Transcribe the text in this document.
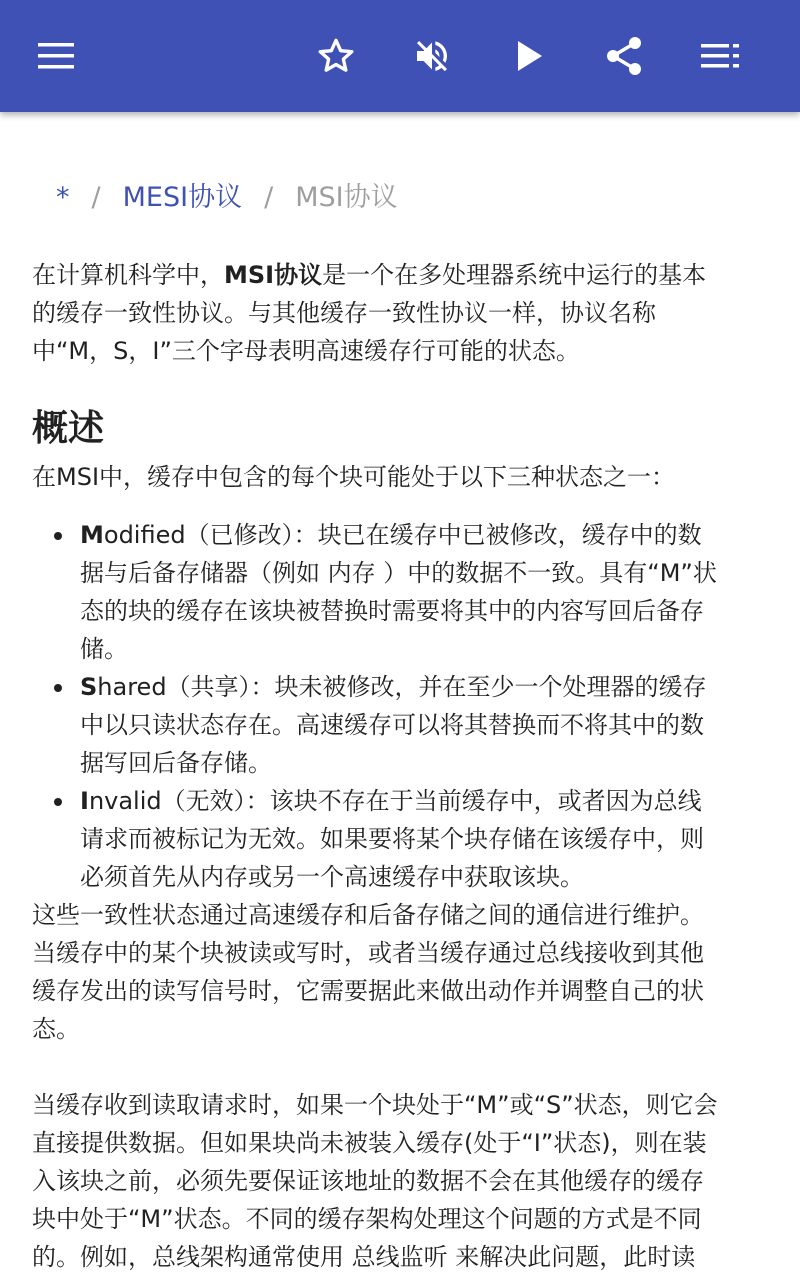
* / MESI协议 / MSI协议

在计算机科学中，MSI协议是一个在多处理器系统中运行的基本
的缓存一致性协议。与其他缓存一致性协议一样，协议名称
中“M，S，I”三个字母表明高速缓存行可能的状态。

概述

在MSI中，缓存中包含的每个块可能处于以下三种状态之一：

Modified（已修改）：块已在缓存中已被修改，缓存中的数
据与后备存储器（例如 内存 ）中的数据不一致。具有“M”状
态的块的缓存在该块被替换时需要将其中的内容写回后备存
储。
Shared（共享）：块未被修改，并在至少一个处理器的缓存
中以只读状态存在。高速缓存可以将其替换而不将其中的数
据写回后备存储。
Invalid（无效）：该块不存在于当前缓存中，或者因为总线
请求而被标记为无效。如果要将某个块存储在该缓存中，则
必须首先从内存或另一个高速缓存中获取该块。

这些一致性状态通过高速缓存和后备存储之间的通信进行维护。
当缓存中的某个块被读或写时，或者当缓存通过总线接收到其他
缓存发出的读写信号时，它需要据此来做出动作并调整自己的状
态。

当缓存收到读取请求时，如果一个块处于“M”或“S”状态，则它会
直接提供数据。但如果块尚未被装入缓存(处于“I”状态)，则在装
入该块之前，必须先要保证该地址的数据不会在其他缓存的缓存
块中处于“M”状态。不同的缓存架构处理这个问题的方式是不同
的。例如，总线架构通常使用 总线监听 来解决此问题，此时读
